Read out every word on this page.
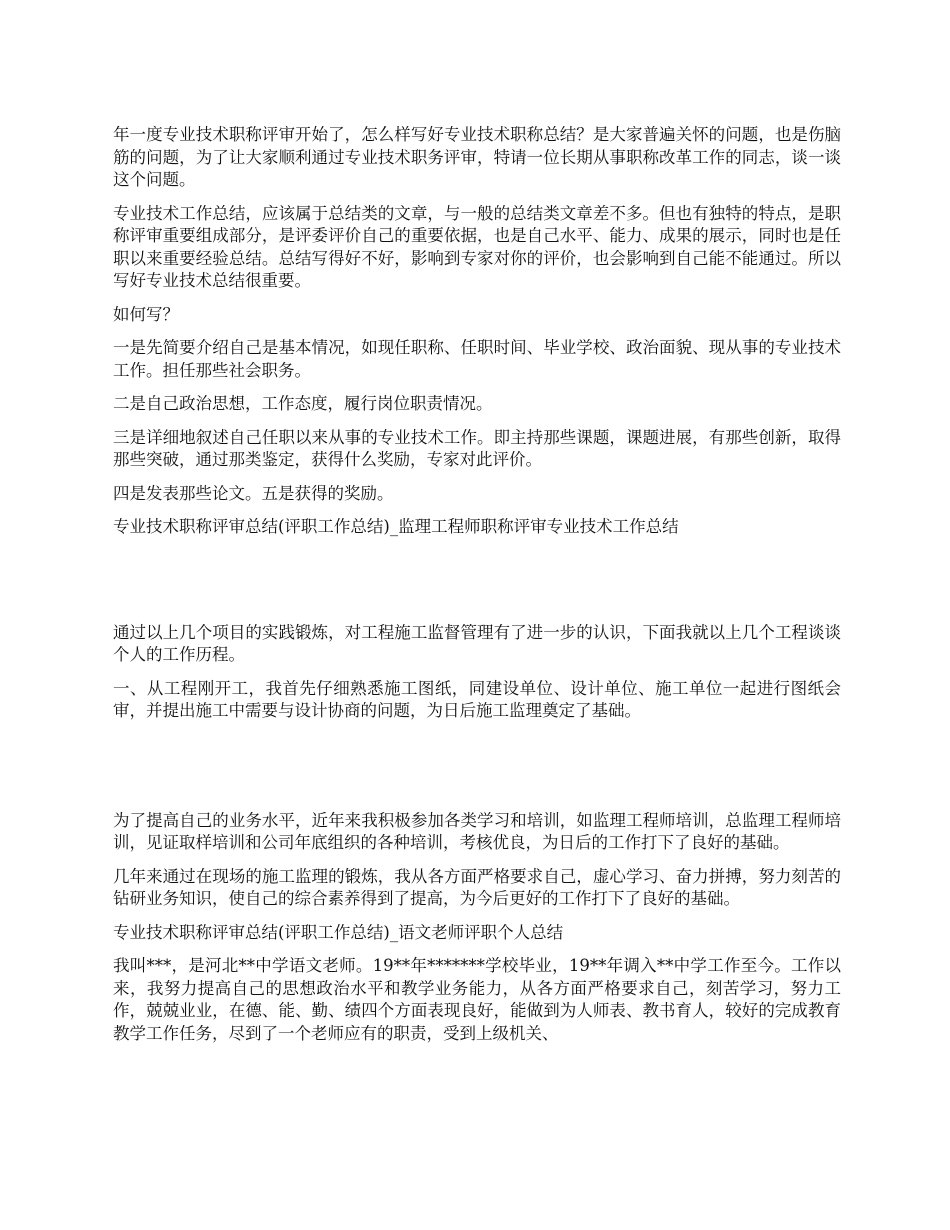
年一度专业技术职称评审开始了，怎么样写好专业技术职称总结？是大家普遍关怀的问题，也是伤脑筋的问题，为了让大家顺利通过专业技术职务评审，特请一位长期从事职称改革工作的同志，谈一谈这个问题。

专业技术工作总结，应该属于总结类的文章，与一般的总结类文章差不多。但也有独特的特点，是职称评审重要组成部分，是评委评价自己的重要依据，也是自己水平、能力、成果的展示，同时也是任职以来重要经验总结。总结写得好不好，影响到专家对你的评价，也会影响到自己能不能通过。所以写好专业技术总结很重要。

如何写？

一是先简要介绍自己是基本情况，如现任职称、任职时间、毕业学校、政治面貌、现从事的专业技术工作。担任那些社会职务。

二是自己政治思想，工作态度，履行岗位职责情况。

三是详细地叙述自己任职以来从事的专业技术工作。即主持那些课题，课题进展，有那些创新，取得那些突破，通过那类鉴定，获得什么奖励，专家对此评价。

四是发表那些论文。五是获得的奖励。

专业技术职称评审总结(评职工作总结)_监理工程师职称评审专业技术工作总结

通过以上几个项目的实践锻炼，对工程施工监督管理有了进一步的认识，下面我就以上几个工程谈谈个人的工作历程。

一、从工程刚开工，我首先仔细熟悉施工图纸，同建设单位、设计单位、施工单位一起进行图纸会审，并提出施工中需要与设计协商的问题，为日后施工监理奠定了基础。

为了提高自己的业务水平，近年来我积极参加各类学习和培训，如监理工程师培训，总监理工程师培训，见证取样培训和公司年底组织的各种培训，考核优良，为日后的工作打下了良好的基础。

几年来通过在现场的施工监理的锻炼，我从各方面严格要求自己，虚心学习、奋力拼搏，努力刻苦的钻研业务知识，使自己的综合素养得到了提高，为今后更好的工作打下了良好的基础。

专业技术职称评审总结(评职工作总结)_语文老师评职个人总结

我叫***，是河北**中学语文老师。19**年*******学校毕业，19**年调入**中学工作至今。工作以来，我努力提高自己的思想政治水平和教学业务能力，从各方面严格要求自己，刻苦学习，努力工作，兢兢业业，在德、能、勤、绩四个方面表现良好，能做到为人师表、教书育人，较好的完成教育教学工作任务，尽到了一个老师应有的职责，受到上级机关、
